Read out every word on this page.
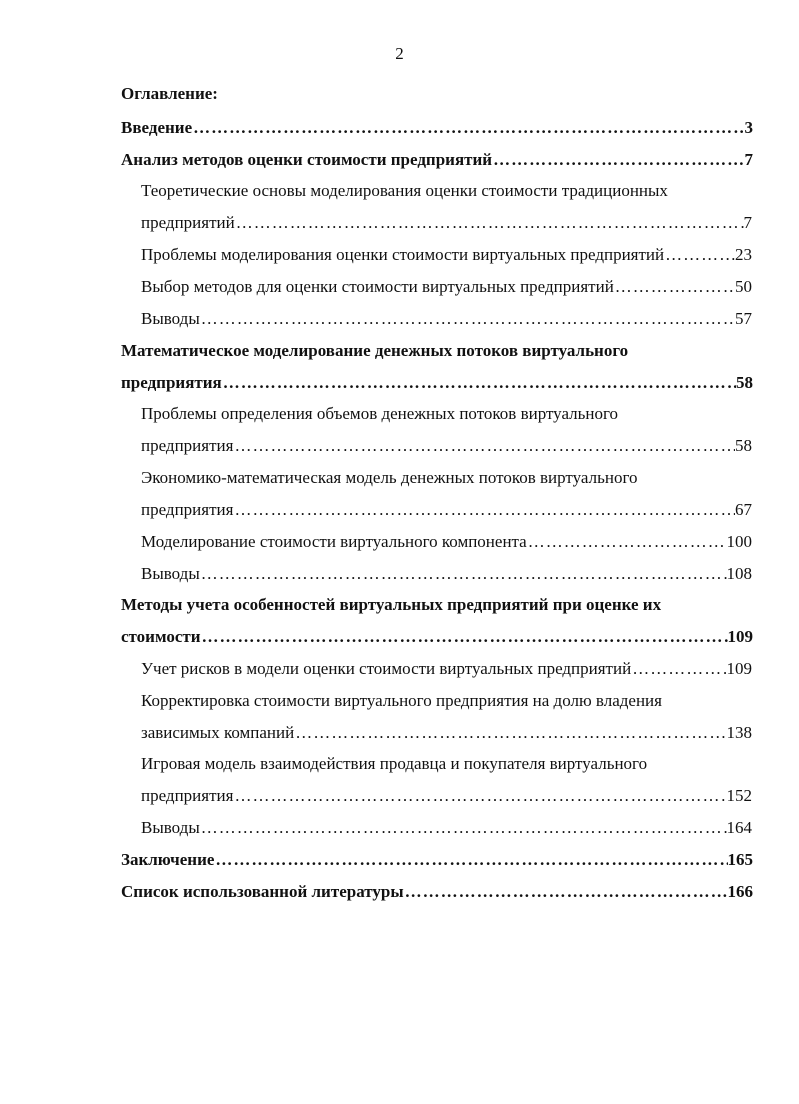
2
Оглавление:
Введение ……………………………………………………………………………………………………………………………………………………………………………………………………………………………………	3
Анализ методов оценки стоимости предприятий ……………………………………………………………………………………………………………………………………………………………………………………………………………………………………	7
Теоретические основы моделирования оценки стоимости традиционных
предприятий ……………………………………………………………………………………………………………………………………………………………………………………………………………………………………	7
Проблемы моделирования оценки стоимости виртуальных предприятий ……………………………………………………………………………………………………………………………………………………………………………………………………………………………………	23
Выбор методов для оценки стоимости виртуальных предприятий ……………………………………………………………………………………………………………………………………………………………………………………………………………………………………	50
Выводы ……………………………………………………………………………………………………………………………………………………………………………………………………………………………………	57
Математическое моделирование денежных потоков виртуального
предприятия ……………………………………………………………………………………………………………………………………………………………………………………………………………………………………	58
Проблемы определения объемов денежных потоков виртуального
предприятия ……………………………………………………………………………………………………………………………………………………………………………………………………………………………………	58
Экономико-математическая модель денежных потоков виртуального
предприятия ……………………………………………………………………………………………………………………………………………………………………………………………………………………………………	67
Моделирование стоимости виртуального компонента ……………………………………………………………………………………………………………………………………………………………………………………………………………………………………	100
Выводы ……………………………………………………………………………………………………………………………………………………………………………………………………………………………………	108
Методы учета особенностей виртуальных предприятий при оценке их
стоимости ……………………………………………………………………………………………………………………………………………………………………………………………………………………………………	109
Учет рисков в модели оценки стоимости виртуальных предприятий ……………………………………………………………………………………………………………………………………………………………………………………………………………………………………	109
Корректировка стоимости виртуального предприятия на долю владения
зависимых компаний ……………………………………………………………………………………………………………………………………………………………………………………………………………………………………	138
Игровая модель взаимодействия продавца и покупателя виртуального
предприятия ……………………………………………………………………………………………………………………………………………………………………………………………………………………………………	152
Выводы ……………………………………………………………………………………………………………………………………………………………………………………………………………………………………	164
Заключение ……………………………………………………………………………………………………………………………………………………………………………………………………………………………………	165
Список использованной литературы ……………………………………………………………………………………………………………………………………………………………………………………………………………………………………	166
